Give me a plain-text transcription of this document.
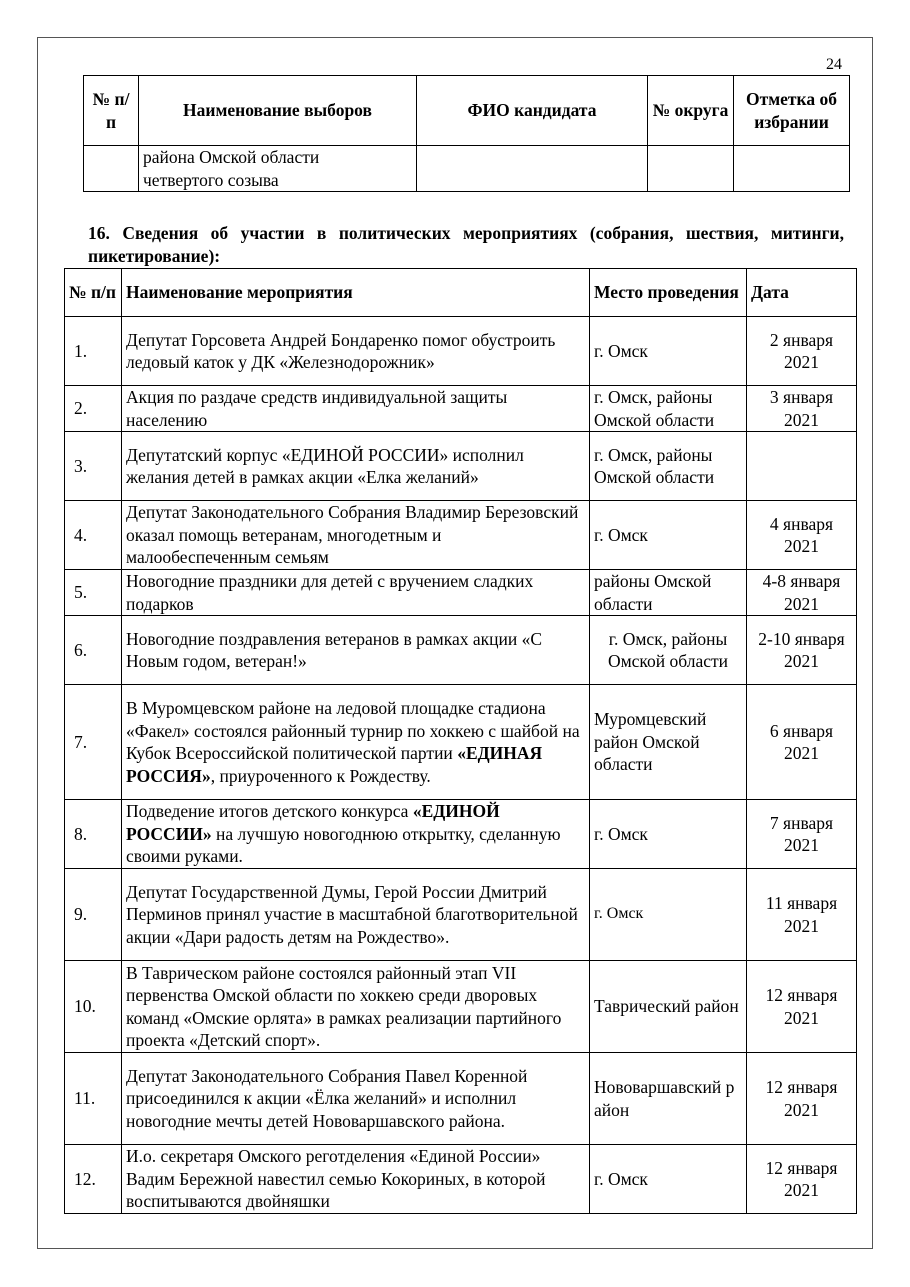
24
№ п/п	Наименование выборов	ФИО кандидата	№ округа	Отметка об избрании

	района Омской области
четвертого созыва			

16. Сведения об участии в политических мероприятиях (собрания, шествия, митинги, пикетирование):
№ п/п	Наименование мероприятия	Место проведения	Дата
1.	Депутат Горсовета Андрей Бондаренко помог обустроить ледовый каток у ДК «Железнодорожник»	г. Омск	2 января 2021
2.	Акция по раздаче средств индивидуальной защиты населению	г. Омск, районы Омской области	3 января 2021
3.	Депутатский корпус «ЕДИНОЙ РОССИИ» исполнил желания детей в рамках акции «Елка желаний»	г. Омск, районы Омской области	
4.	Депутат Законодательного Собрания Владимир Березовский оказал помощь ветеранам, многодетным и малообеспеченным семьям	г. Омск	4 января 2021
5.	Новогодние праздники для детей с вручением сладких подарков	районы Омской области	4-8 января 2021
6.	Новогодние поздравления ветеранов в рамках акции «С Новым годом, ветеран!»	г. Омск, районы Омской области	2-10 января 2021
7.	В Муромцевском районе на ледовой площадке стадиона «Факел» состоялся районный турнир по хоккею с шайбой на Кубок Всероссийской политической партии «ЕДИНАЯ РОССИЯ», приуроченного к Рождеству.	Муромцевский район Омской области	6 января 2021
8.	Подведение итогов детского конкурса «ЕДИНОЙ РОССИИ» на лучшую новогоднюю открытку, сделанную своими руками.	г. Омск	7 января 2021
9.	Депутат Государственной Думы, Герой России Дмитрий Перминов принял участие в масштабной благотворительной акции «Дари радость детям на Рождество».	г. Омск	11 января 2021
10.	В Таврическом районе состоялся районный этап VII первенства Омской области по хоккею среди дворовых команд «Омские орлята» в рамках реализации партийного проекта «Детский спорт».	Таврический район	12 января 2021
11.	Депутат Законодательного Собрания Павел Коренной присоединился к акции «Ёлка желаний» и исполнил новогодние мечты детей Нововаршавского района.	Нововаршавский район	12 января 2021
12.	И.о. секретаря Омского реготделения «Единой России» Вадим Бережной навестил семью Кокориных, в которой воспитываются двойняшки	г. Омск	12 января 2021
